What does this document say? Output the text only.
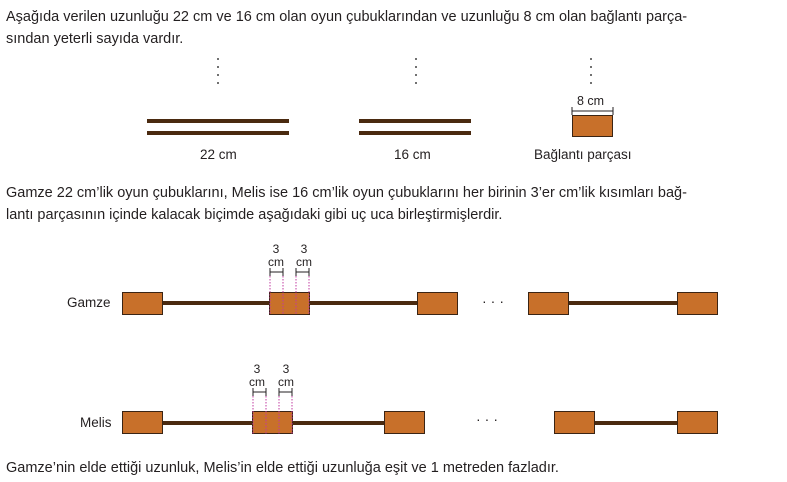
Aşağıda verilen uzunluğu 22 cm ve 16 cm olan oyun çubuklarından ve uzunluğu 8 cm olan bağlantı parça-
sından yeterli sayıda vardır.

22 cm	16 cm
8 cm
Bağlantı parçası

Gamze 22 cm’lik oyun çubuklarını, Melis ise 16 cm’lik oyun çubuklarını her birinin 3’er cm’lik kısımları bağ-
lantı parçasının içinde kalacak biçimde aşağıdaki gibi uç uca birleştirmişlerdir.

Gamze	···
3
cm
3
cm
Melis	···
3
cm
3
cm

Gamze’nin elde ettiği uzunluk, Melis’in elde ettiği uzunluğa eşit ve 1 metreden fazladır.
